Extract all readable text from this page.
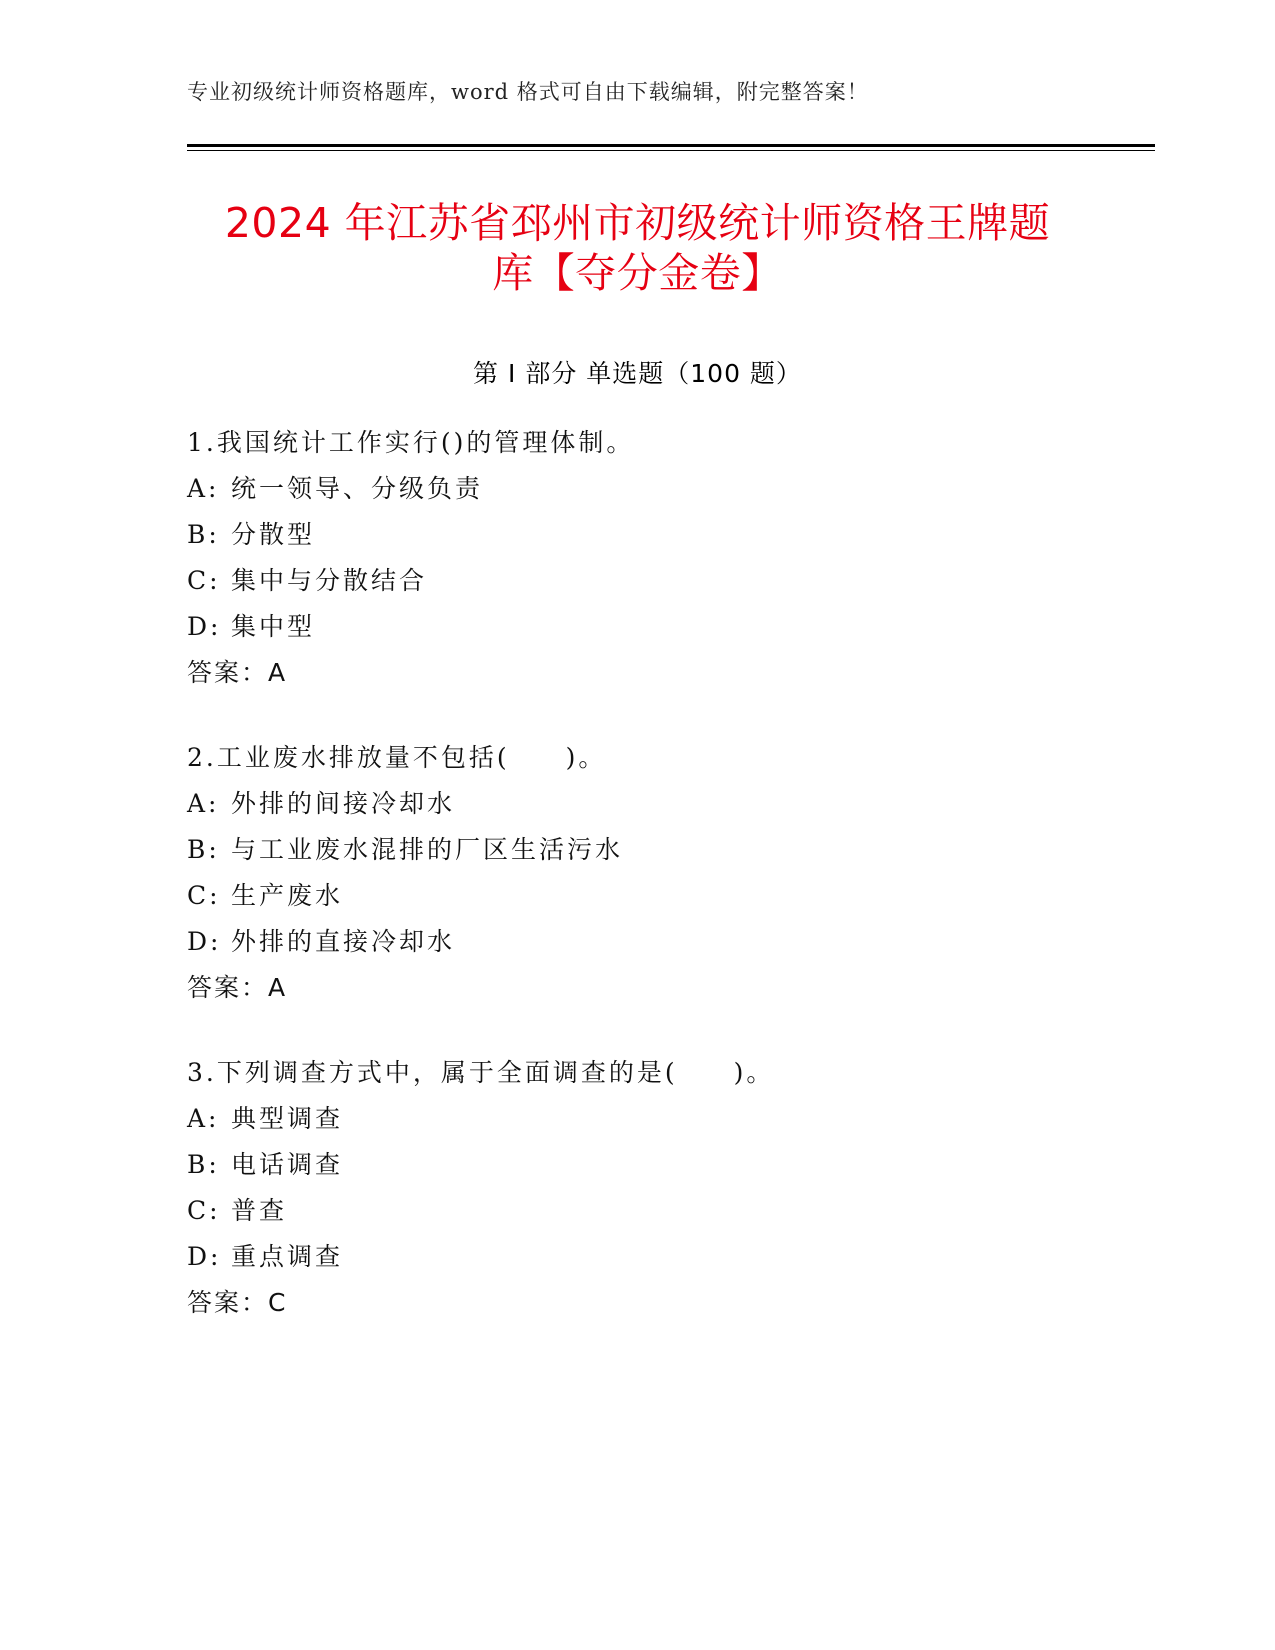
专业初级统计师资格题库，word 格式可自由下载编辑，附完整答案！
2024 年江苏省邳州市初级统计师资格王牌题
库【夺分金卷】
第 I 部分 单选题（100 题）
1.我国统计工作实行()的管理体制。
A: 统一领导、分级负责
B: 分散型
C: 集中与分散结合
D: 集中型
答案：A
2.工业废水排放量不包括(　　)。
A: 外排的间接冷却水
B: 与工业废水混排的厂区生活污水
C: 生产废水
D: 外排的直接冷却水
答案：A
3.下列调查方式中，属于全面调查的是(　　)。
A: 典型调查
B: 电话调查
C: 普查
D: 重点调查
答案：C
